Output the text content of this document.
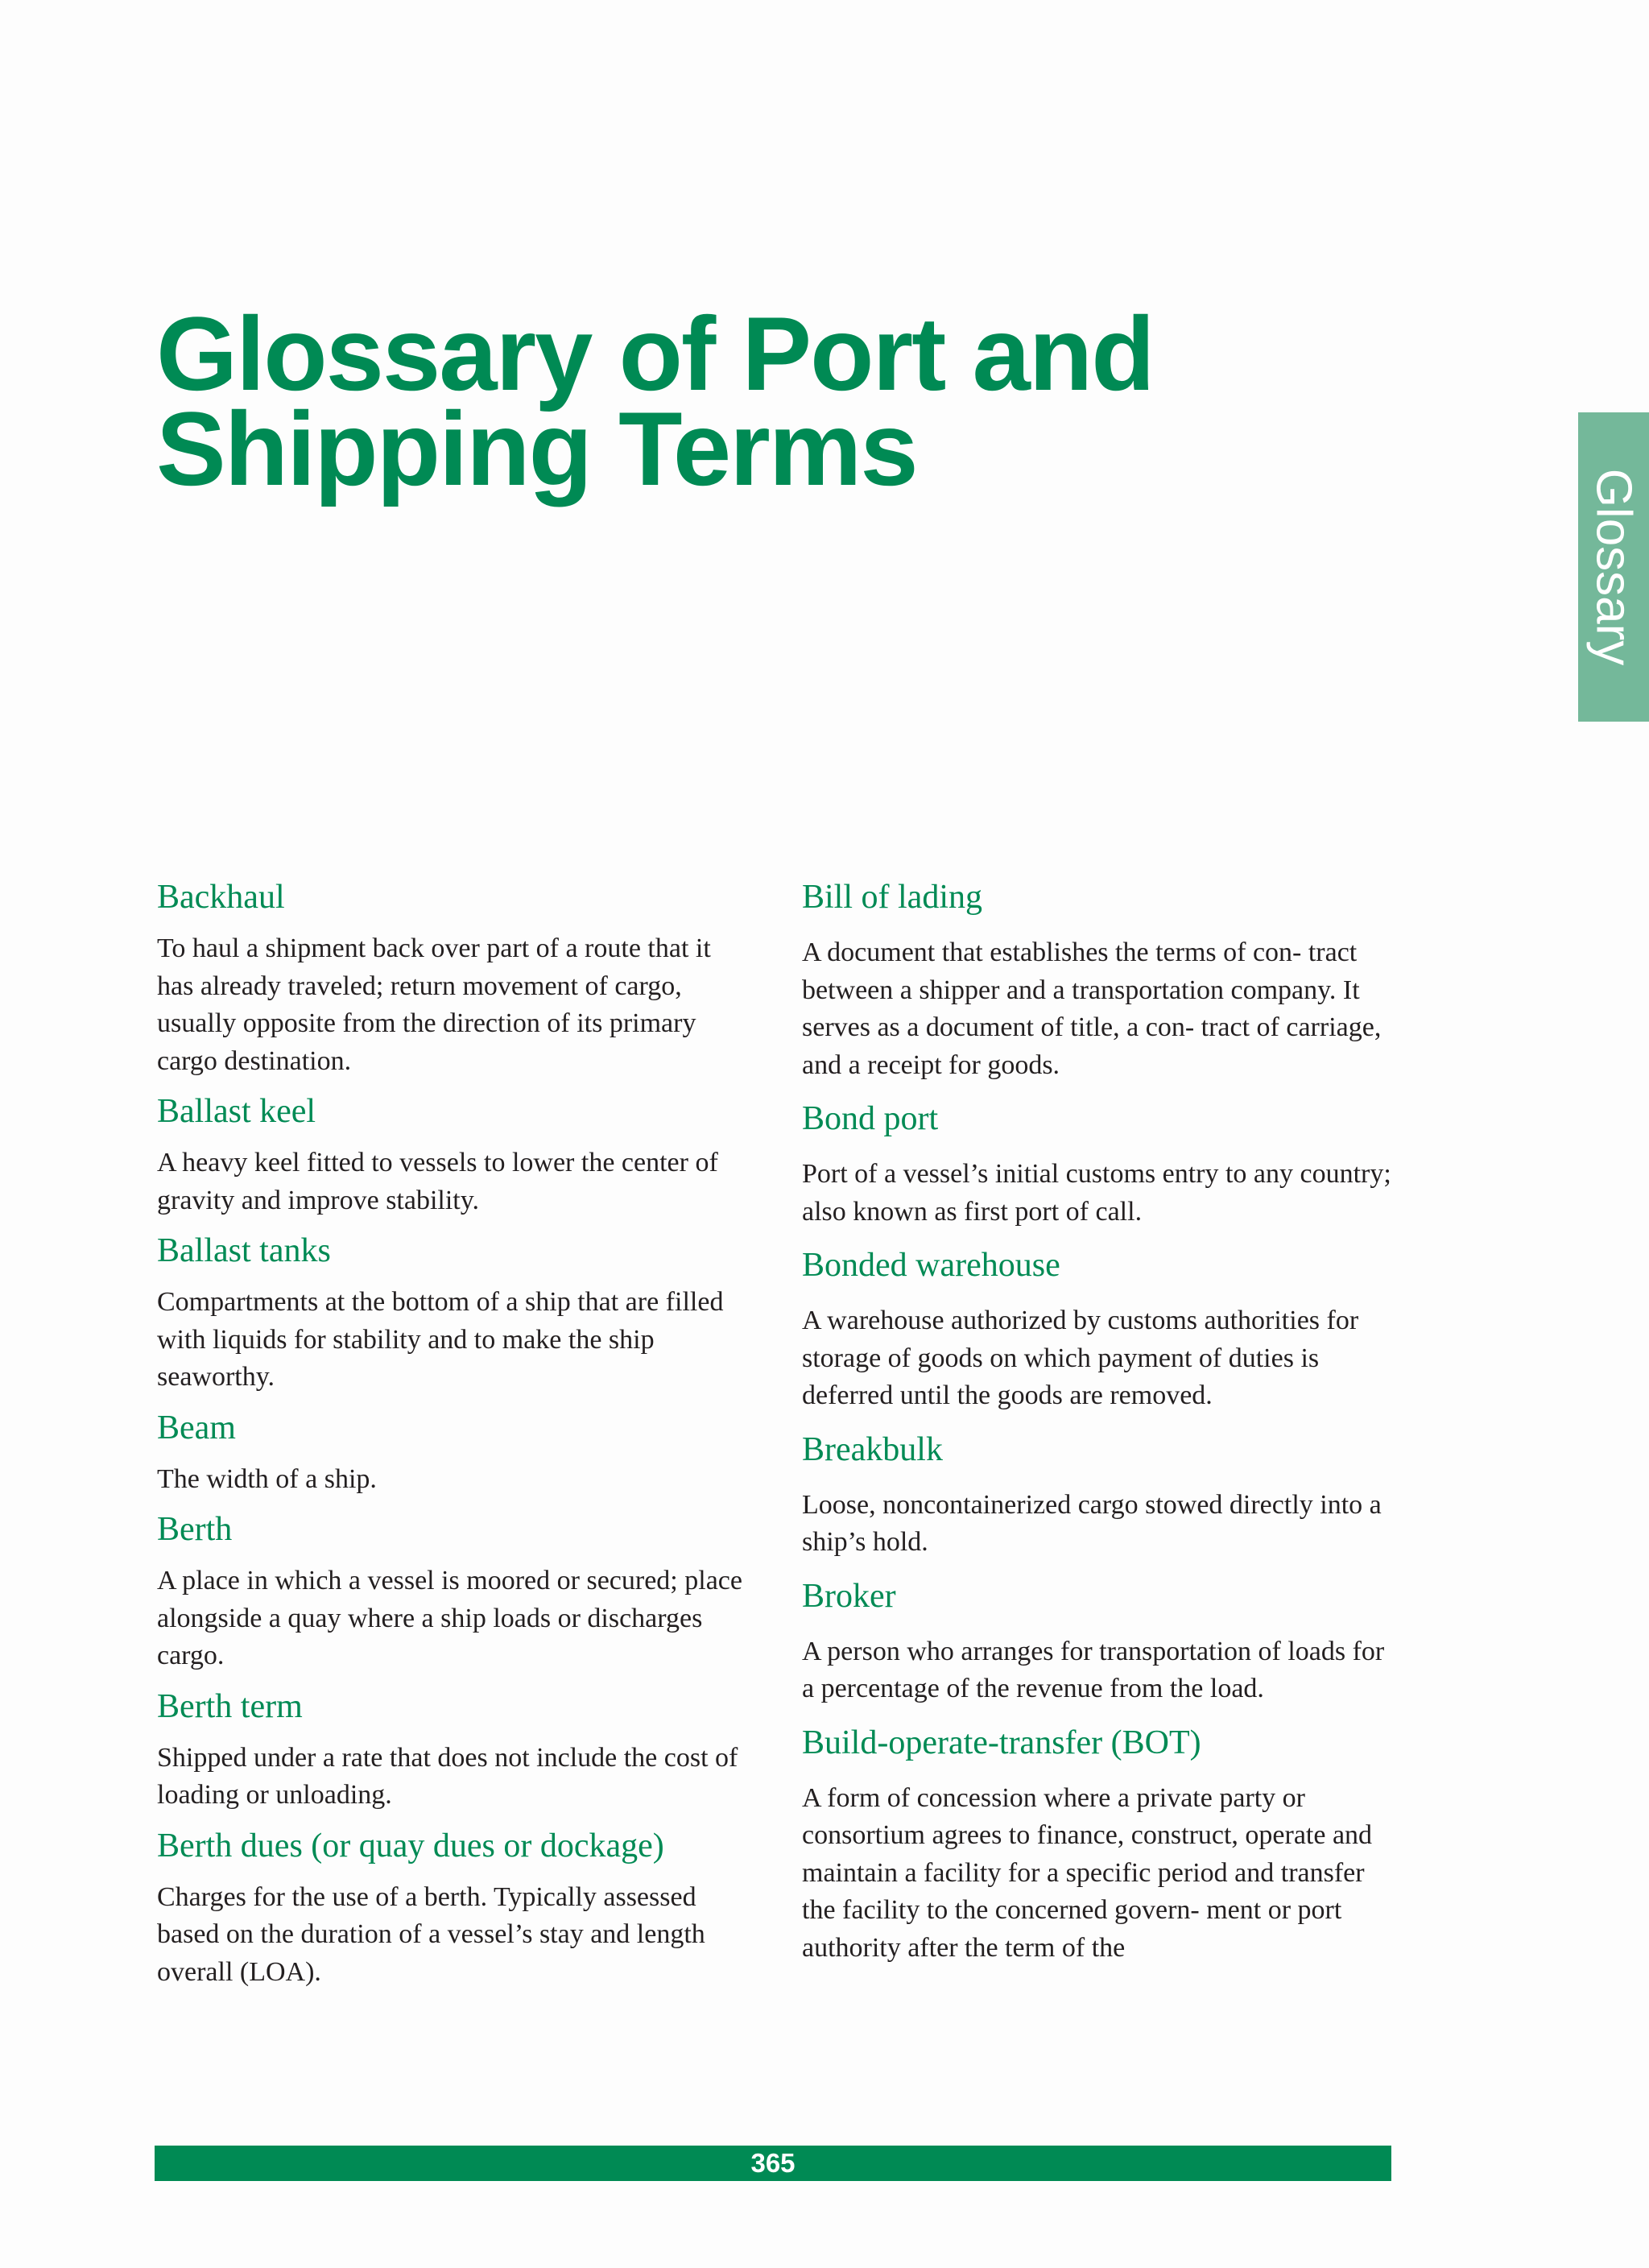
Glossary of Port and
Shipping Terms
Glossary
Backhaul

To haul a shipment back over part of a route that it has already traveled; return movement of cargo, usually opposite from the direction of its primary cargo destination.

Ballast keel

A heavy keel fitted to vessels to lower the center of gravity and improve stability.

Ballast tanks

Compartments at the bottom of a ship that are filled with liquids for stability and to make the ship seaworthy.

Beam

The width of a ship.

Berth

A place in which a vessel is moored or secured; place alongside a quay where a ship loads or discharges cargo.

Berth term

Shipped under a rate that does not include the cost of loading or unloading.

Berth dues (or quay dues or dockage)

Charges for the use of a berth. Typically assessed based on the duration of a vessel’s stay and length overall (LOA).

Bill of lading

A document that establishes the terms of con- tract between a shipper and a transportation company. It serves as a document of title, a con- tract of carriage, and a receipt for goods.

Bond port

Port of a vessel’s initial customs entry to any country; also known as first port of call.

Bonded warehouse

A warehouse authorized by customs authorities for storage of goods on which payment of duties is deferred until the goods are removed.

Breakbulk

Loose, noncontainerized cargo stowed directly into a ship’s hold.

Broker

A person who arranges for transportation of loads for a percentage of the revenue from the load.

Build-operate-transfer (BOT)

A form of concession where a private party or consortium agrees to finance, construct, operate and maintain a facility for a specific period and transfer the facility to the concerned govern- ment or port authority after the term of the

365
